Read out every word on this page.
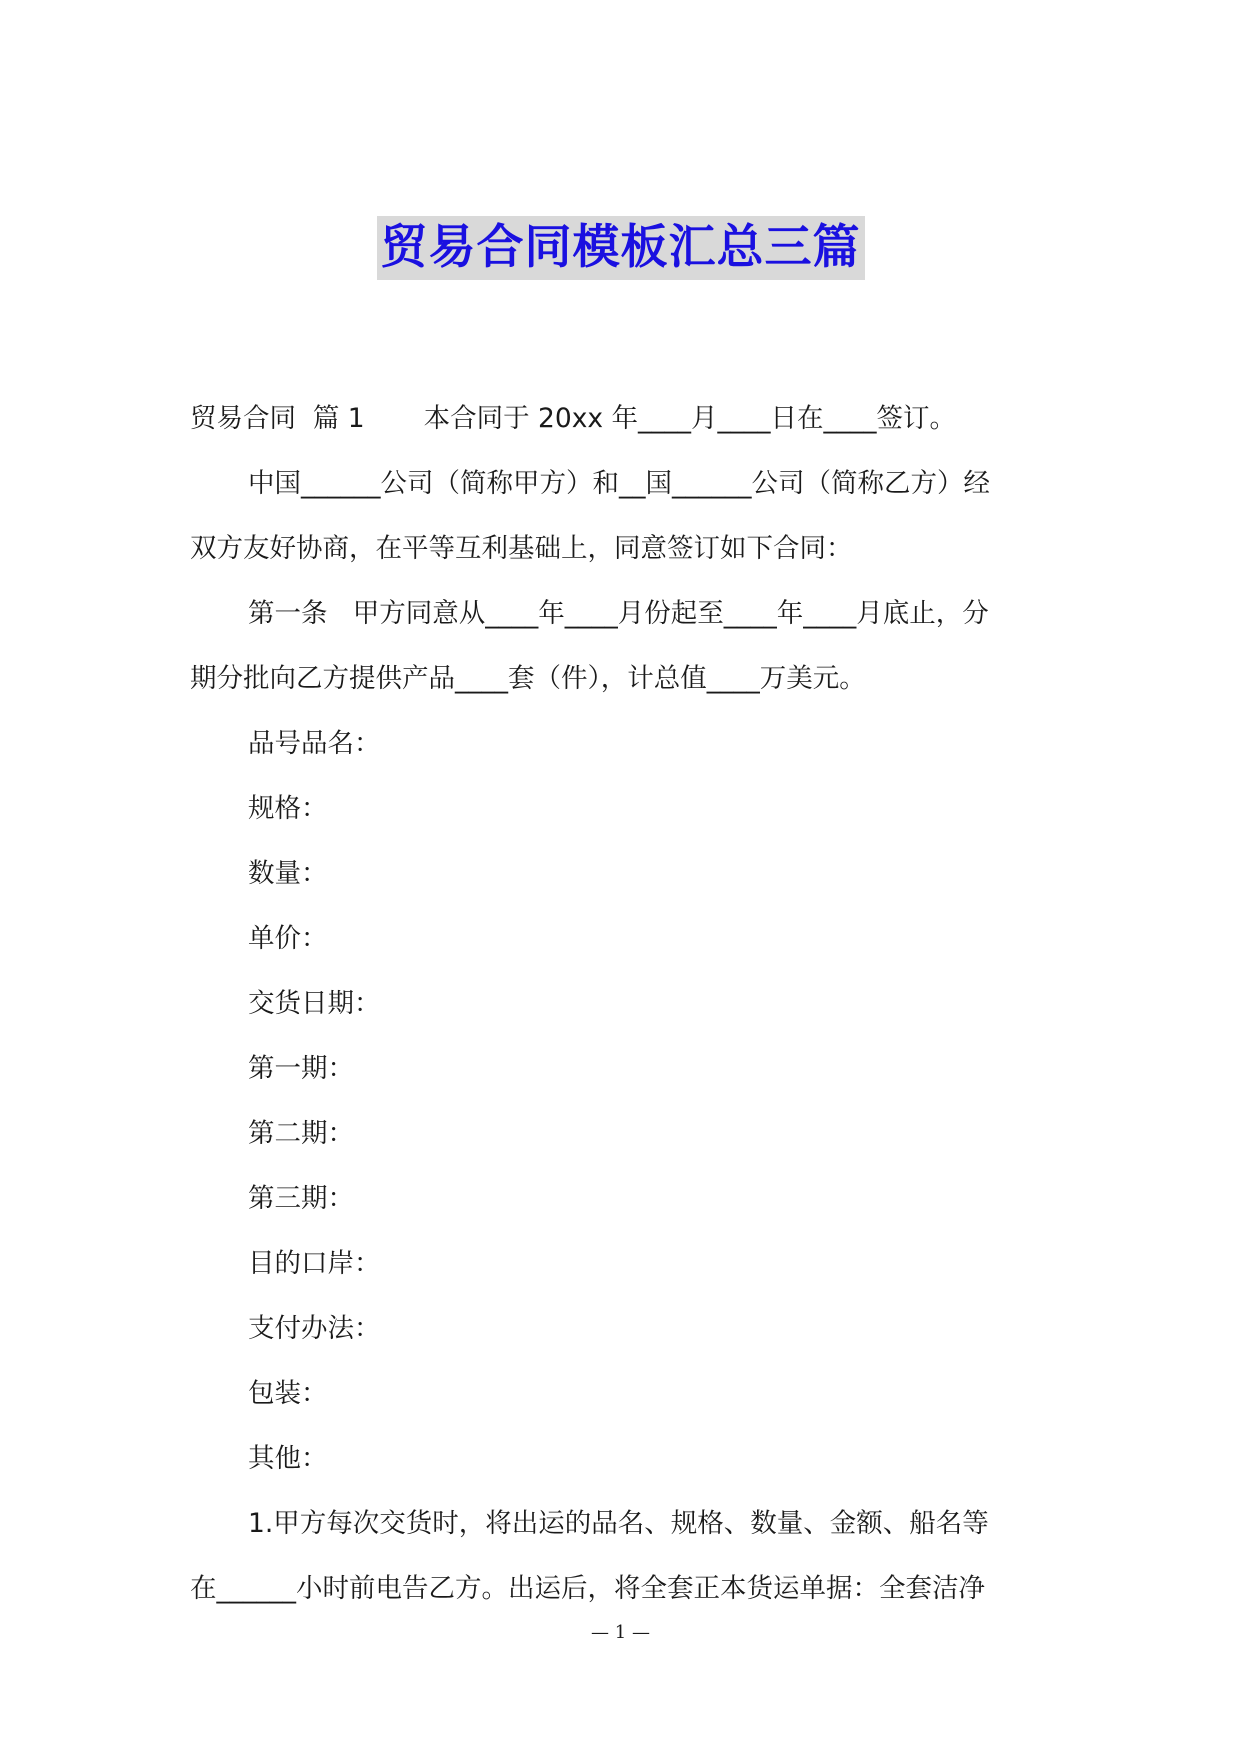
贸易合同模板汇总三篇
贸易合同  篇 1       本合同于 20xx 年____月____日在____签订。
中国______公司（简称甲方）和__国______公司（简称乙方）经
双方友好协商，在平等互利基础上，同意签订如下合同：
第一条   甲方同意从____年____月份起至____年____月底止，分
期分批向乙方提供产品____套（件），计总值____万美元。
品号品名：
规格：
数量：
单价：
交货日期：
第一期：
第二期：
第三期：
目的口岸：
支付办法：
包装：
其他：
1.甲方每次交货时，将出运的品名、规格、数量、金额、船名等
在______小时前电告乙方。出运后，将全套正本货运单据：全套洁净
— 1 —
